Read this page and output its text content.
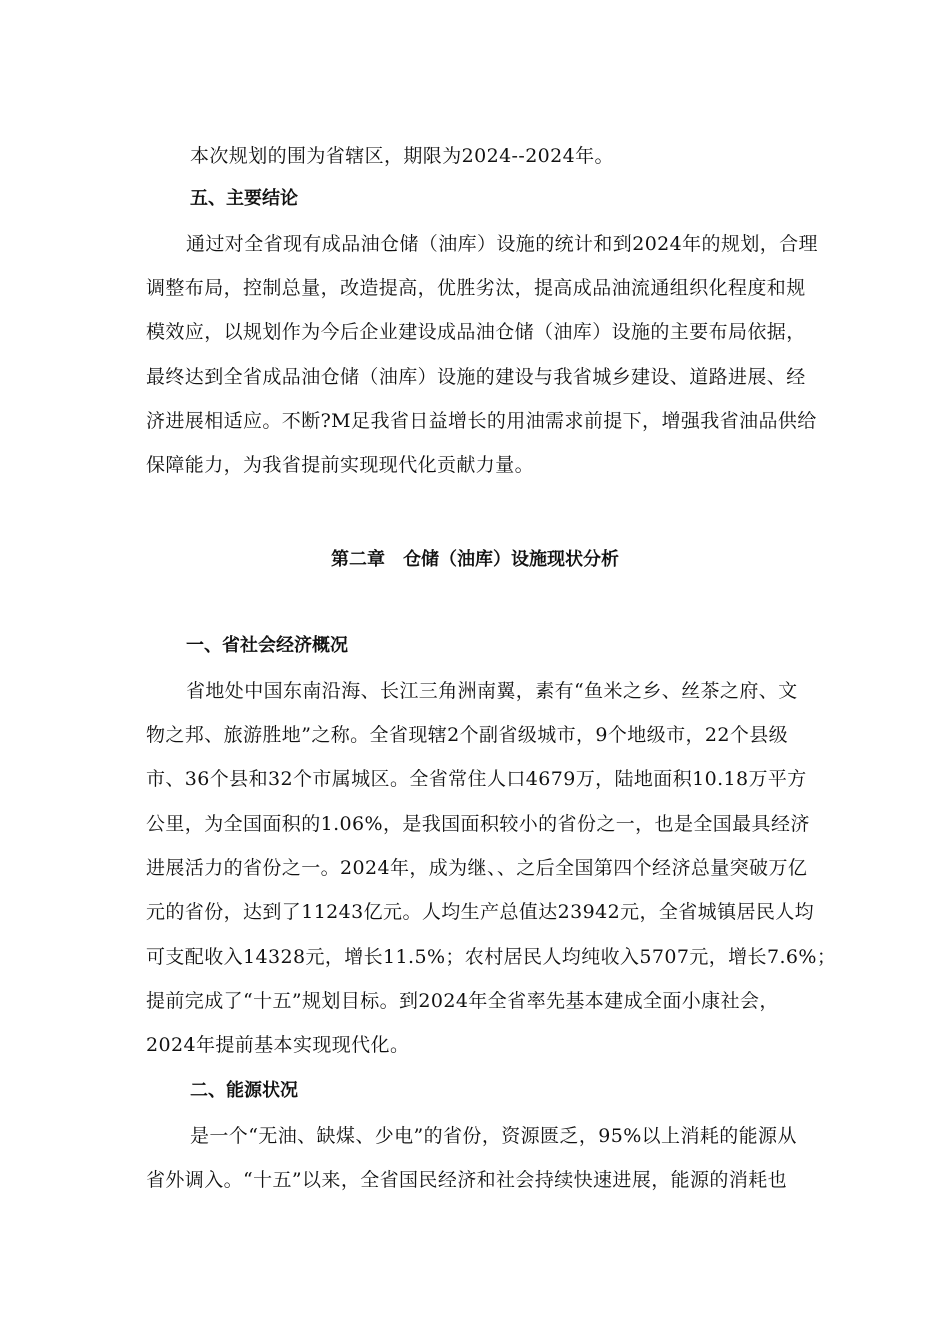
本次规划的围为省辖区，期限为2024--2024年。
五、主要结论
通过对全省现有成品油仓储（油库）设施的统计和到2024年的规划，合理
调整布局，控制总量，改造提高，优胜劣汰，提高成品油流通组织化程度和规
模效应，以规划作为今后企业建设成品油仓储（油库）设施的主要布局依据，
最终达到全省成品油仓储（油库）设施的建设与我省城乡建设、道路进展、经
济进展相适应。不断?M足我省日益增长的用油需求前提下，增强我省油品供给
保障能力，为我省提前实现现代化贡献力量。
第二章　仓储（油库）设施现状分析
一、省社会经济概况
省地处中国东南沿海、长江三角洲南翼，素有“鱼米之乡、丝茶之府、文
物之邦、旅游胜地”之称。全省现辖2个副省级城市，9个地级市，22个县级
市、36个县和32个市属城区。全省常住人口4679万，陆地面积10.18万平方
公里，为全国面积的1.06%，是我国面积较小的省份之一，也是全国最具经济
进展活力的省份之一。2024年，成为继、、之后全国第四个经济总量突破万亿
元的省份，达到了11243亿元。人均生产总值达23942元，全省城镇居民人均
可支配收入14328元，增长11.5%；农村居民人均纯收入5707元，增长7.6%；
提前完成了“十五”规划目标。到2024年全省率先基本建成全面小康社会，
2024年提前基本实现现代化。
二、能源状况
是一个“无油、缺煤、少电”的省份，资源匮乏，95%以上消耗的能源从
省外调入。“十五”以来，全省国民经济和社会持续快速进展，能源的消耗也
